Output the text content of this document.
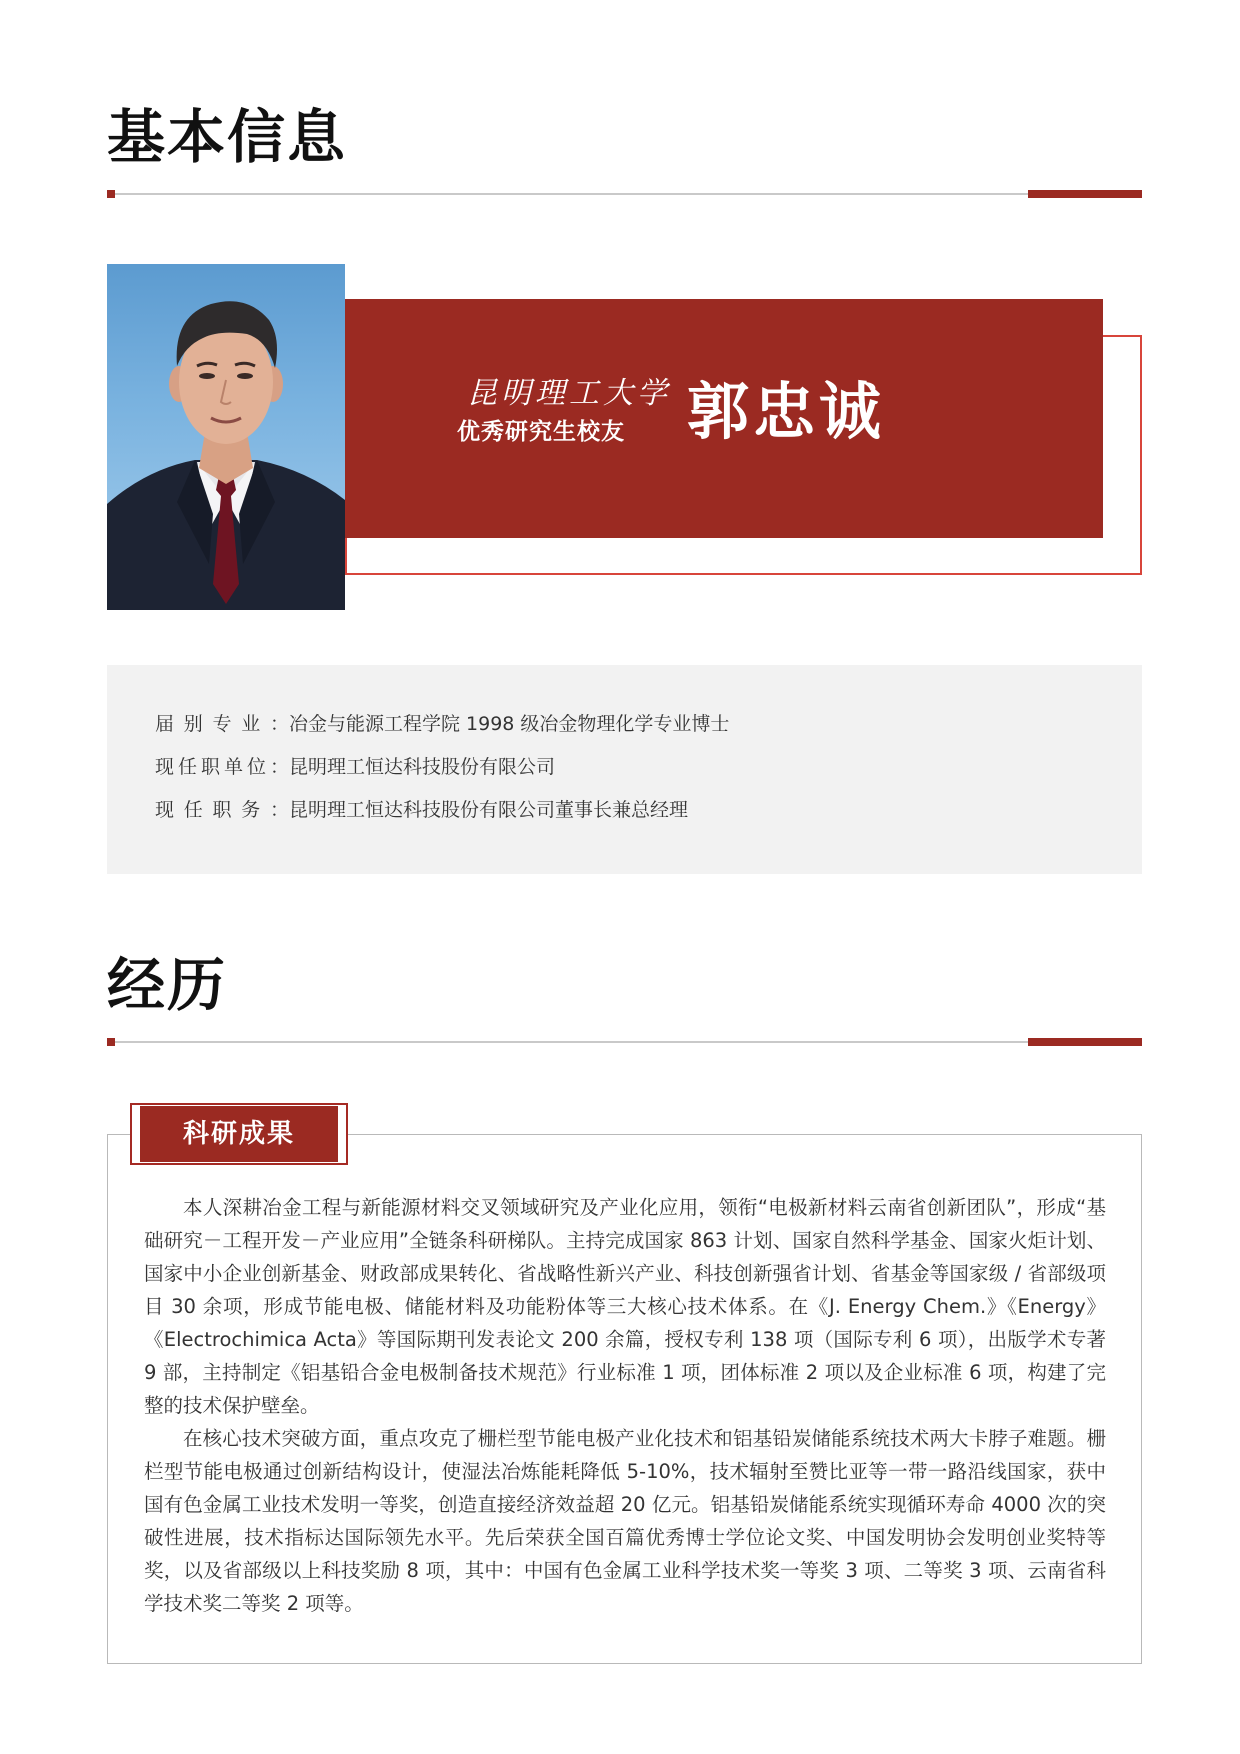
基本信息
昆明理工大学
优秀研究生校友 郭忠诚
届别专业：冶金与能源工程学院 1998 级冶金物理化学专业博士
现任职单位：昆明理工恒达科技股份有限公司
现任职务：昆明理工恒达科技股份有限公司董事长兼总经理
经历

本人深耕冶金工程与新能源材料交叉领域研究及产业化应用，领衔“电极新材料云南省创新团队”，形成“基础研究－工程开发－产业应用”全链条科研梯队。主持完成国家 863 计划、国家自然科学基金、国家火炬计划、国家中小企业创新基金、财政部成果转化、省战略性新兴产业、科技创新强省计划、省基金等国家级 / 省部级项目 30 余项，形成节能电极、储能材料及功能粉体等三大核心技术体系。在《J. Energy Chem.》《Energy》《Electrochimica Acta》等国际期刊发表论文 200 余篇，授权专利 138 项（国际专利 6 项），出版学术专著 9 部，主持制定《铝基铅合金电极制备技术规范》行业标准 1 项，团体标准 2 项以及企业标准 6 项，构建了完整的技术保护壁垒。

在核心技术突破方面，重点攻克了栅栏型节能电极产业化技术和铝基铅炭储能系统技术两大卡脖子难题。栅栏型节能电极通过创新结构设计，使湿法冶炼能耗降低 5-10%，技术辐射至赞比亚等一带一路沿线国家，获中国有色金属工业技术发明一等奖，创造直接经济效益超 20 亿元。铝基铅炭储能系统实现循环寿命 4000 次的突破性进展，技术指标达国际领先水平。先后荣获全国百篇优秀博士学位论文奖、中国发明协会发明创业奖特等奖，以及省部级以上科技奖励 8 项，其中：中国有色金属工业科学技术奖一等奖 3 项、二等奖 3 项、云南省科学技术奖二等奖 2 项等。

科研成果
